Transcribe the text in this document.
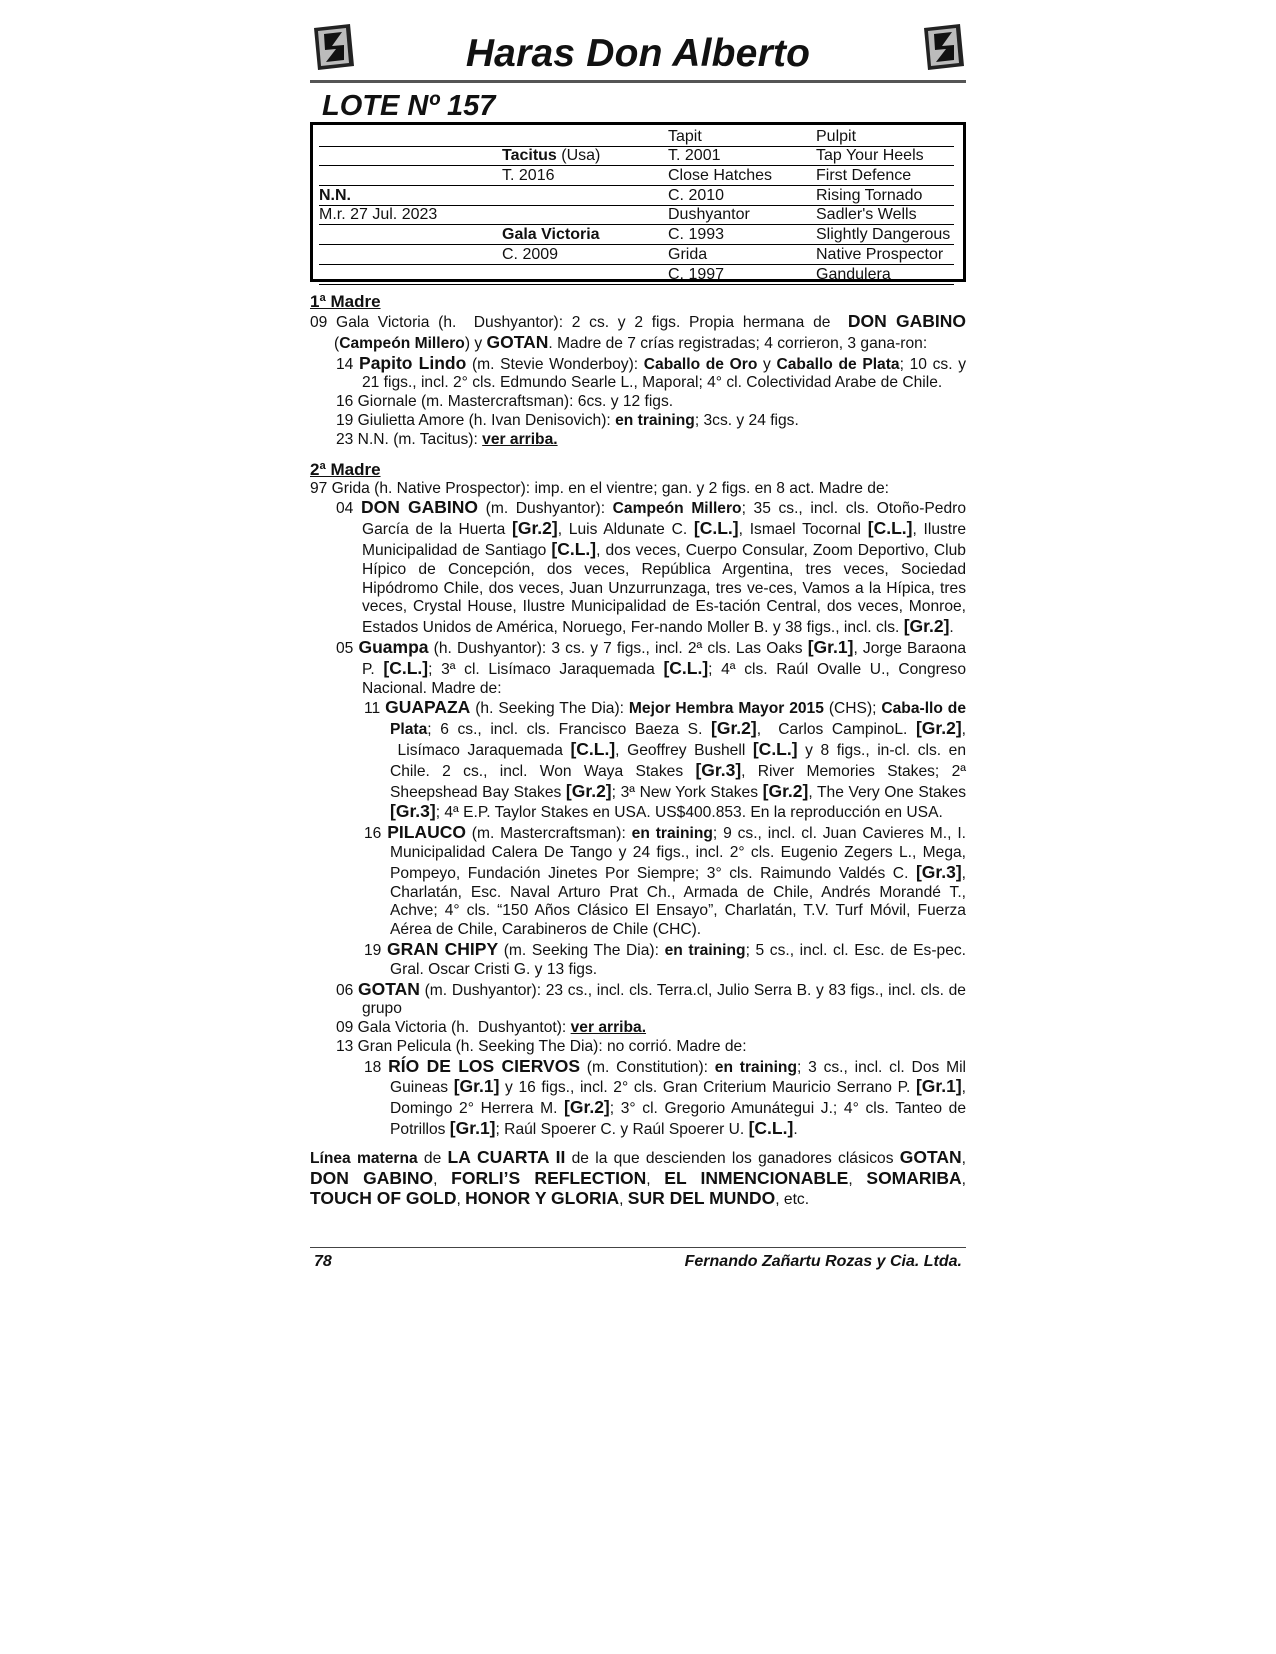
Haras Don Alberto
LOTE Nº 157
		Tapit	Pulpit
	Tacitus (Usa)	T. 2001	Tap Your Heels
	T. 2016	Close Hatches	First Defence
N.N.		C. 2010	Rising Tornado
M.r. 27 Jul. 2023		Dushyantor	Sadler's Wells
	Gala Victoria	C. 1993	Slightly Dangerous
	C. 2009	Grida	Native Prospector
		C. 1997	Gandulera
1ª Madre
09 Gala Victoria (h.  Dushyantor): 2 cs. y 2 figs. Propia hermana de  DON GABINO (Campeón Millero) y GOTAN. Madre de 7 crías registradas; 4 corrieron, 3 gana-ron:
14 Papito Lindo (m. Stevie Wonderboy): Caballo de Oro y Caballo de Plata; 10 cs. y 21 figs., incl. 2° cls. Edmundo Searle L., Maporal; 4° cl. Colectividad Arabe de Chile.
16 Giornale (m. Mastercraftsman): 6cs. y 12 figs.
19 Giulietta Amore (h. Ivan Denisovich): en training; 3cs. y 24 figs.
23 N.N. (m. Tacitus): ver arriba.
2ª Madre
97 Grida (h. Native Prospector): imp. en el vientre; gan. y 2 figs. en 8 act. Madre de:
04 DON GABINO (m. Dushyantor): Campeón Millero; 35 cs., incl. cls. Otoño-Pedro García de la Huerta [Gr.2], Luis Aldunate C. [C.L.], Ismael Tocornal [C.L.], Ilustre Municipalidad de Santiago [C.L.], dos veces, Cuerpo Consular, Zoom Deportivo, Club Hípico de Concepción, dos veces, República Argentina, tres veces, Sociedad Hipódromo Chile, dos veces, Juan Unzurrunzaga, tres ve-ces, Vamos a la Hípica, tres veces, Crystal House, Ilustre Municipalidad de Es-tación Central, dos veces, Monroe, Estados Unidos de América, Noruego, Fer-nando Moller B. y 38 figs., incl. cls. [Gr.2].
05 Guampa (h. Dushyantor): 3 cs. y 7 figs., incl. 2ª cls. Las Oaks [Gr.1], Jorge Baraona P. [C.L.]; 3ª cl. Lisímaco Jaraquemada [C.L.]; 4ª cls. Raúl Ovalle U., Congreso Nacional. Madre de:
11 GUAPAZA (h. Seeking The Dia): Mejor Hembra Mayor 2015 (CHS); Caba-llo de Plata; 6 cs., incl. cls. Francisco Baeza S. [Gr.2],  Carlos CampinoL. [Gr.2],  Lisímaco Jaraquemada [C.L.], Geoffrey Bushell [C.L.] y 8 figs., in-cl. cls. en Chile. 2 cs., incl. Won Waya Stakes [Gr.3], River Memories Stakes; 2ª Sheepshead Bay Stakes [Gr.2]; 3ª New York Stakes [Gr.2], The Very One Stakes [Gr.3]; 4ª E.P. Taylor Stakes en USA. US$400.853. En la reproducción en USA.
16 PILAUCO (m. Mastercraftsman): en training; 9 cs., incl. cl. Juan Cavieres M., I. Municipalidad Calera De Tango y 24 figs., incl. 2° cls. Eugenio Zegers L., Mega, Pompeyo, Fundación Jinetes Por Siempre; 3° cls. Raimundo Valdés C. [Gr.3], Charlatán, Esc. Naval Arturo Prat Ch., Armada de Chile, Andrés Morandé T., Achve; 4° cls. “150 Años Clásico El Ensayo”, Charlatán, T.V. Turf Móvil, Fuerza Aérea de Chile, Carabineros de Chile (CHC).
19 GRAN CHIPY (m. Seeking The Dia): en training; 5 cs., incl. cl. Esc. de Es-pec. Gral. Oscar Cristi G. y 13 figs.
06 GOTAN (m. Dushyantor): 23 cs., incl. cls. Terra.cl, Julio Serra B. y 83 figs., incl. cls. de grupo
09 Gala Victoria (h.  Dushyantot): ver arriba.
13 Gran Pelicula (h. Seeking The Dia): no corrió. Madre de:
18 RÍO DE LOS CIERVOS (m. Constitution): en training; 3 cs., incl. cl. Dos Mil Guineas [Gr.1] y 16 figs., incl. 2° cls. Gran Criterium Mauricio Serrano P. [Gr.1], Domingo 2° Herrera M. [Gr.2]; 3° cl. Gregorio Amunátegui J.; 4° cls. Tanteo de Potrillos [Gr.1]; Raúl Spoerer C. y Raúl Spoerer U. [C.L.].
Línea materna de LA CUARTA II de la que descienden los ganadores clásicos GOTAN, DON GABINO, FORLI’S REFLECTION, EL INMENCIONABLE, SOMARIBA, TOUCH OF GOLD, HONOR Y GLORIA, SUR DEL MUNDO, etc.
78	Fernando Zañartu Rozas y Cia. Ltda.
